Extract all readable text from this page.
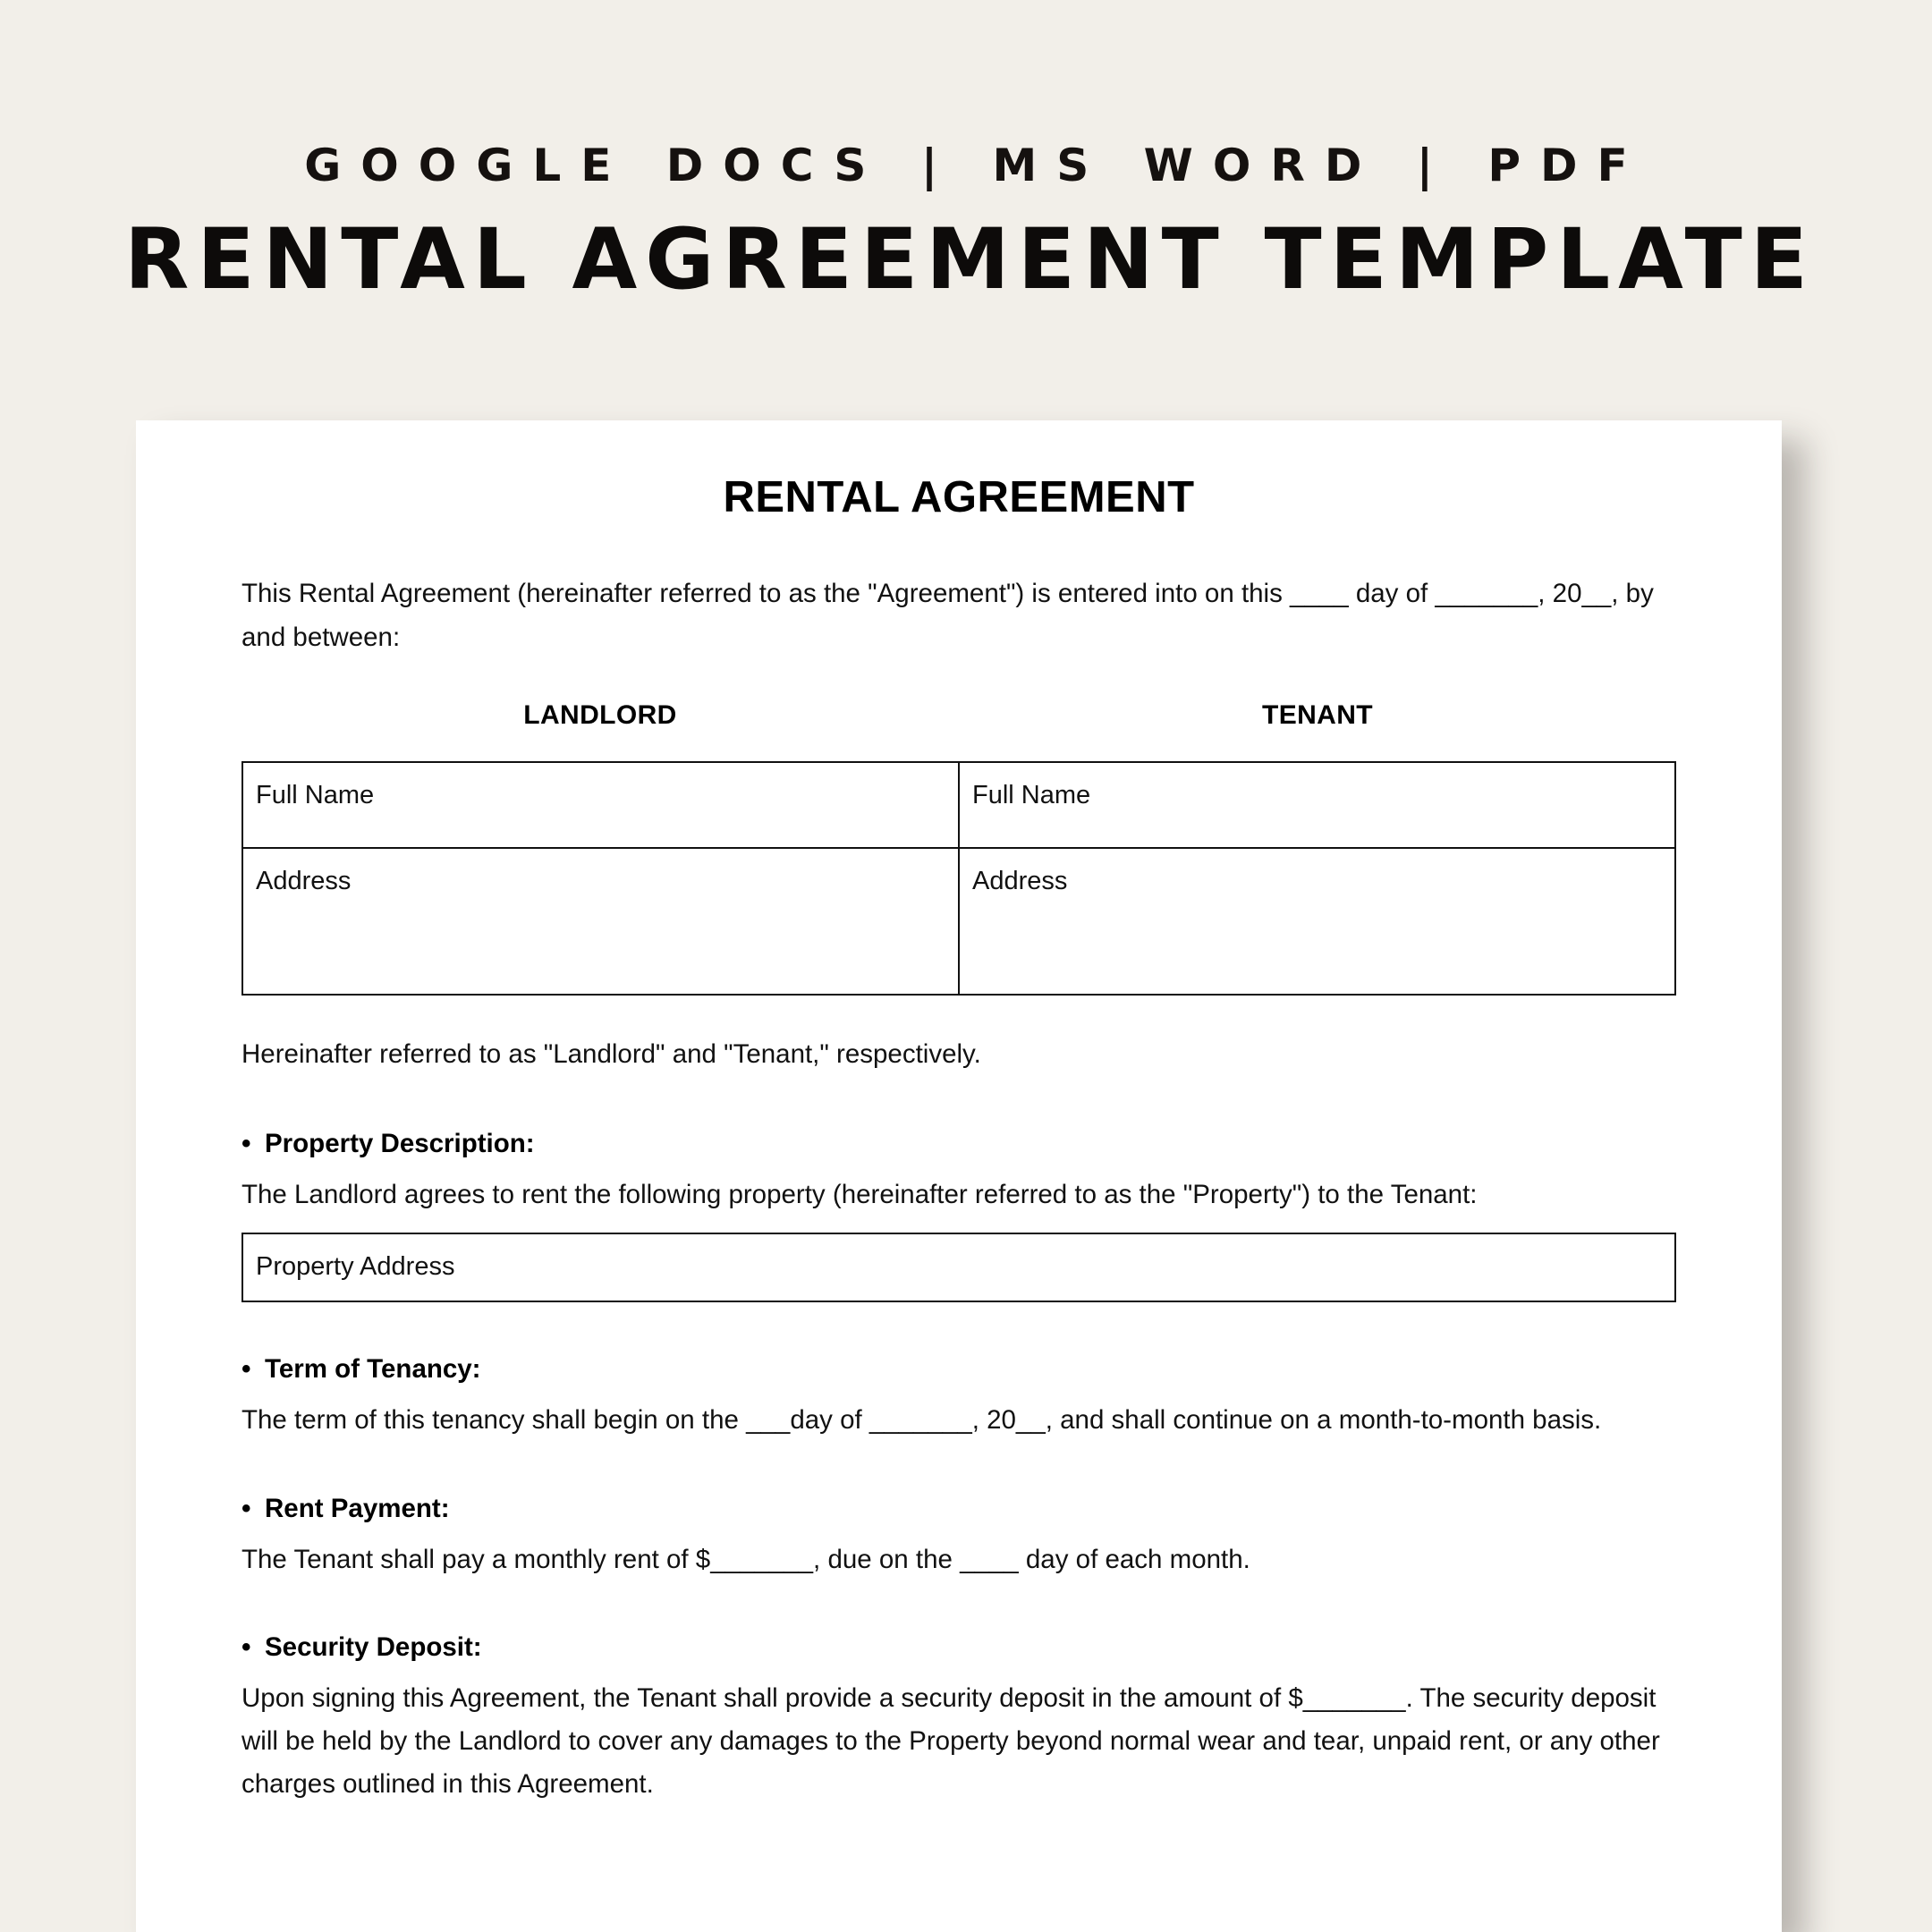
GOOGLE DOCS | MS WORD | PDF
RENTAL AGREEMENT TEMPLATE
RENTAL AGREEMENT
This Rental Agreement (hereinafter referred to as the "Agreement") is entered into on this ____ day of _______, 20__, by and between:
LANDLORD	TENANT
Full Name	Full Name
Address	Address
Hereinafter referred to as "Landlord" and "Tenant," respectively.
• Property Description:
The Landlord agrees to rent the following property (hereinafter referred to as the "Property") to the Tenant:
Property Address
• Term of Tenancy:
The term of this tenancy shall begin on the ___day of _______, 20__, and shall continue on a month-to-month basis.
• Rent Payment:
The Tenant shall pay a monthly rent of $_______, due on the ____ day of each month.
• Security Deposit:
Upon signing this Agreement, the Tenant shall provide a security deposit in the amount of $_______. The security deposit will be held by the Landlord to cover any damages to the Property beyond normal wear and tear, unpaid rent, or any other charges outlined in this Agreement.
